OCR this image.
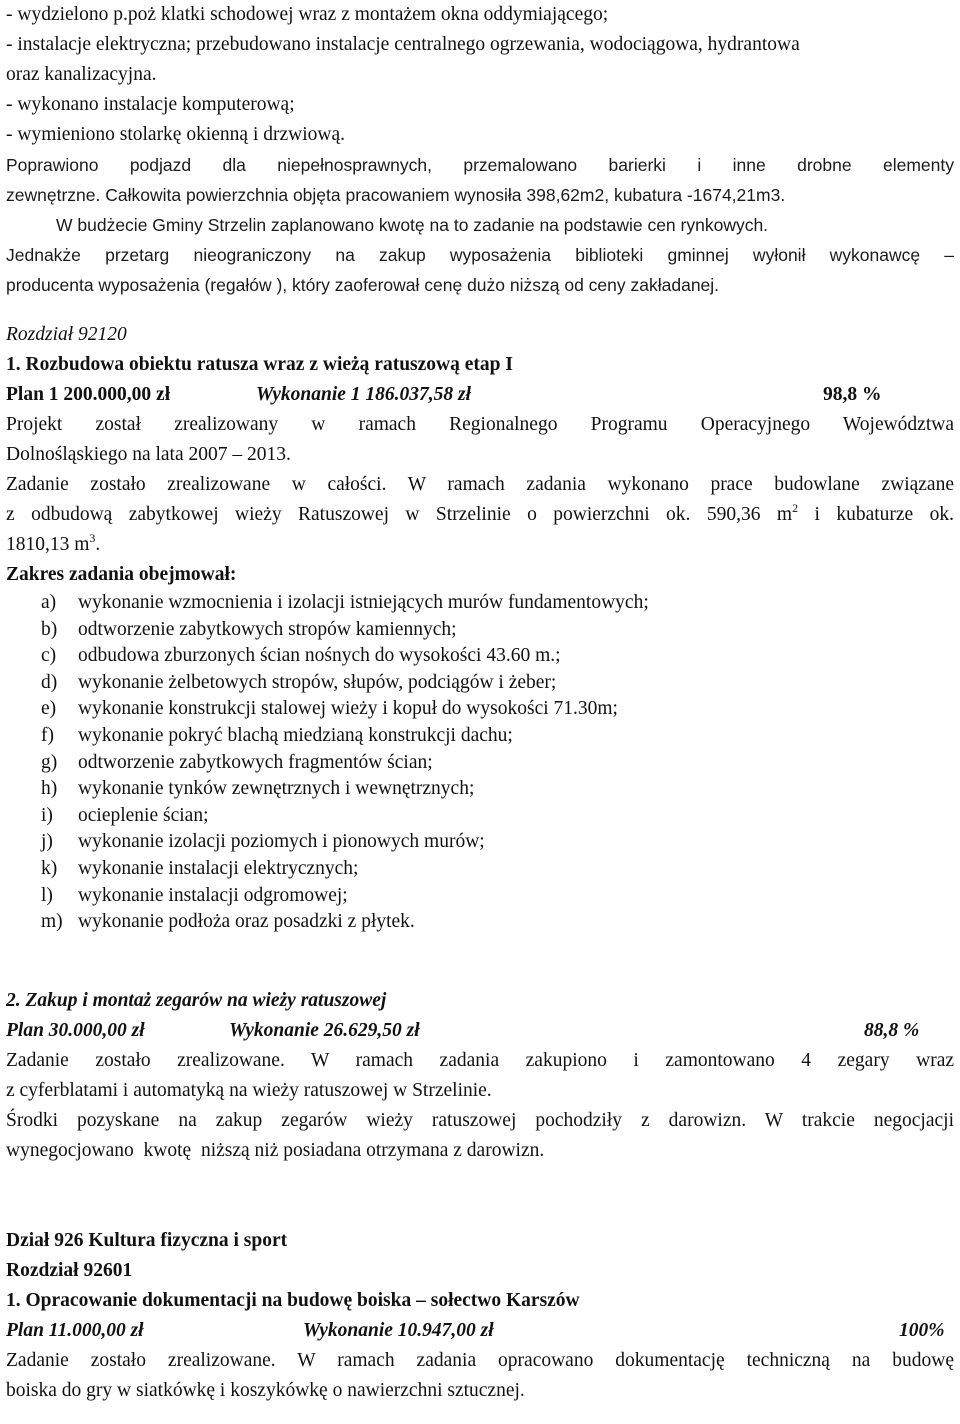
- wydzielono p.poż klatki schodowej wraz z montażem okna oddymiającego;
- instalacje elektryczna; przebudowano instalacje centralnego ogrzewania, wodociągowa, hydrantowa
oraz kanalizacyjna.
- wykonano instalacje komputerową;
- wymieniono stolarkę okienną i drzwiową.
Poprawiono podjazd dla niepełnosprawnych, przemalowano barierki i inne drobne elementy
zewnętrzne. Całkowita powierzchnia objęta pracowaniem wynosiła 398,62m2, kubatura -1674,21m3.
W budżecie Gminy Strzelin zaplanowano kwotę na to zadanie na podstawie cen rynkowych.
Jednakże przetarg nieograniczony na zakup wyposażenia biblioteki gminnej wyłonił wykonawcę –
producenta wyposażenia (regałów ), który zaoferował cenę dużo niższą od ceny zakładanej.
Rozdział 92120
1. Rozbudowa obiektu ratusza wraz z wieżą ratuszową etap I
Plan 1 200.000,00 zł	Wykonanie 1 186.037,58 zł	98,8 %
Projekt został zrealizowany w ramach Regionalnego Programu Operacyjnego Województwa
Dolnośląskiego na lata 2007 – 2013.
Zadanie zostało zrealizowane w całości. W ramach zadania wykonano prace budowlane związane
z odbudową zabytkowej wieży Ratuszowej w Strzelinie o powierzchni ok. 590,36 $m^2$ i kubaturze ok.
1810,13 $m^3$.
Zakres zadania obejmował:
a) wykonanie wzmocnienia i izolacji istniejących murów fundamentowych;
b) odtworzenie zabytkowych stropów kamiennych;
c) odbudowa zburzonych ścian nośnych do wysokości 43.60 m.;
d) wykonanie żelbetowych stropów, słupów, podciągów i żeber;
e) wykonanie konstrukcji stalowej wieży i kopuł do wysokości 71.30m;
f) wykonanie pokryć blachą miedzianą konstrukcji dachu;
g) odtworzenie zabytkowych fragmentów ścian;
h) wykonanie tynków zewnętrznych i wewnętrznych;
i) ocieplenie ścian;
j) wykonanie izolacji poziomych i pionowych murów;
k) wykonanie instalacji elektrycznych;
l) wykonanie instalacji odgromowej;
m) wykonanie podłoża oraz posadzki z płytek.
2. Zakup i montaż zegarów na wieży ratuszowej
Plan 30.000,00 zł	Wykonanie 26.629,50 zł	88,8 %
Zadanie zostało zrealizowane. W ramach zadania zakupiono i zamontowano 4 zegary wraz
z cyferblatami i automatyką na wieży ratuszowej w Strzelinie.
Środki pozyskane na zakup zegarów wieży ratuszowej pochodziły z darowizn. W trakcie negocjacji
wynegocjowano  kwotę  niższą niż posiadana otrzymana z darowizn.
Dział 926 Kultura fizyczna i sport
Rozdział 92601
1. Opracowanie dokumentacji na budowę boiska – sołectwo Karszów
Plan 11.000,00 zł	Wykonanie 10.947,00 zł	100%
Zadanie zostało zrealizowane. W ramach zadania opracowano dokumentację techniczną na budowę
boiska do gry w siatkówkę i koszykówkę o nawierzchni sztucznej.
